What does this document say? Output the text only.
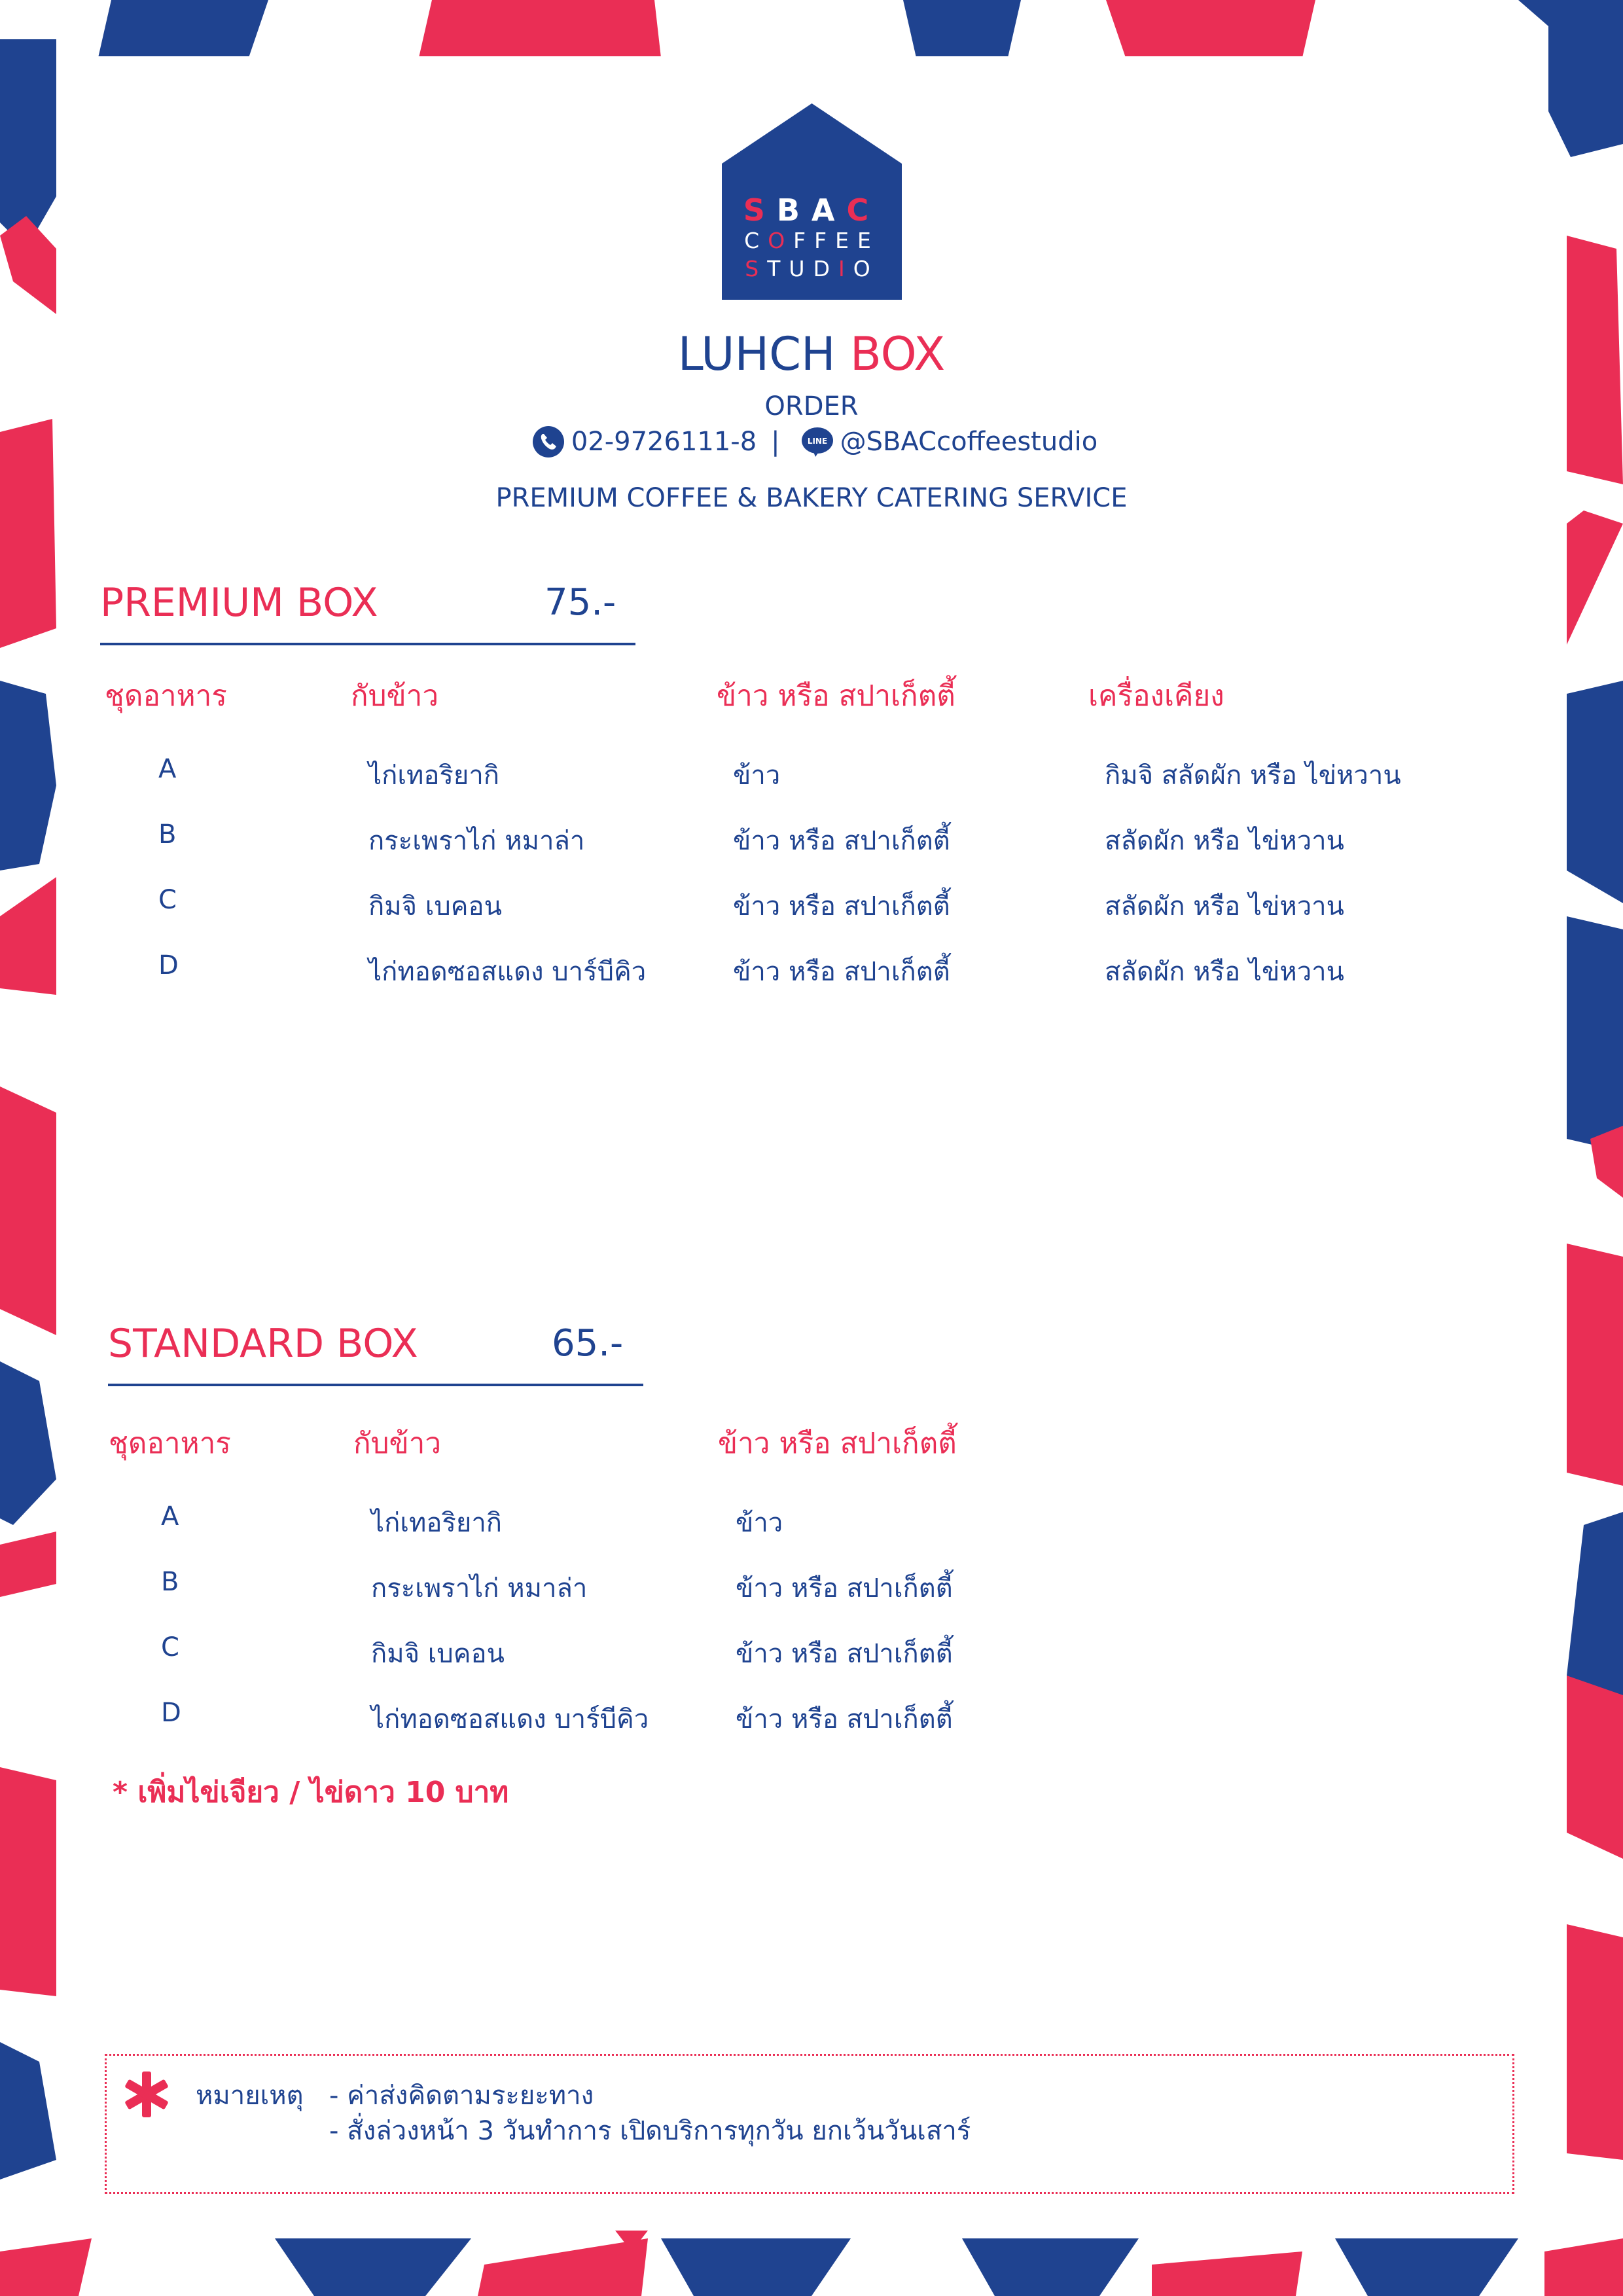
SBAC
COFFEE
STUDIO
LUHCH BOX
ORDER
02-9726111-8 |	LINE @SBACcoffeestudio
PREMIUM COFFEE & BAKERY CATERING SERVICE
PREMIUM BOX	75.-
ชุดอาหาร	กับข้าว	ข้าว หรือ สปาเก็ตตี้	เครื่องเคียง
A	ไก่เทอริยากิ	ข้าว	กิมจิ สลัดผัก หรือ ไข่หวาน
B	กระเพราไก่ หมาล่า	ข้าว หรือ สปาเก็ตตี้	สลัดผัก หรือ ไข่หวาน
C	กิมจิ เบคอน	ข้าว หรือ สปาเก็ตตี้	สลัดผัก หรือ ไข่หวาน
D	ไก่ทอดซอสแดง บาร์บีคิว	ข้าว หรือ สปาเก็ตตี้	สลัดผัก หรือ ไข่หวาน
STANDARD BOX	65.-
ชุดอาหาร	กับข้าว	ข้าว หรือ สปาเก็ตตี้
A	ไก่เทอริยากิ	ข้าว
B	กระเพราไก่ หมาล่า	ข้าว หรือ สปาเก็ตตี้
C	กิมจิ เบคอน	ข้าว หรือ สปาเก็ตตี้
D	ไก่ทอดซอสแดง บาร์บีคิว	ข้าว หรือ สปาเก็ตตี้
* เพิ่มไข่เจียว / ไข่ดาว 10 บาท
หมายเหตุ - ค่าส่งคิดตามระยะทาง
- สั่งล่วงหน้า 3 วันทำการ เปิดบริการทุกวัน ยกเว้นวันเสาร์
